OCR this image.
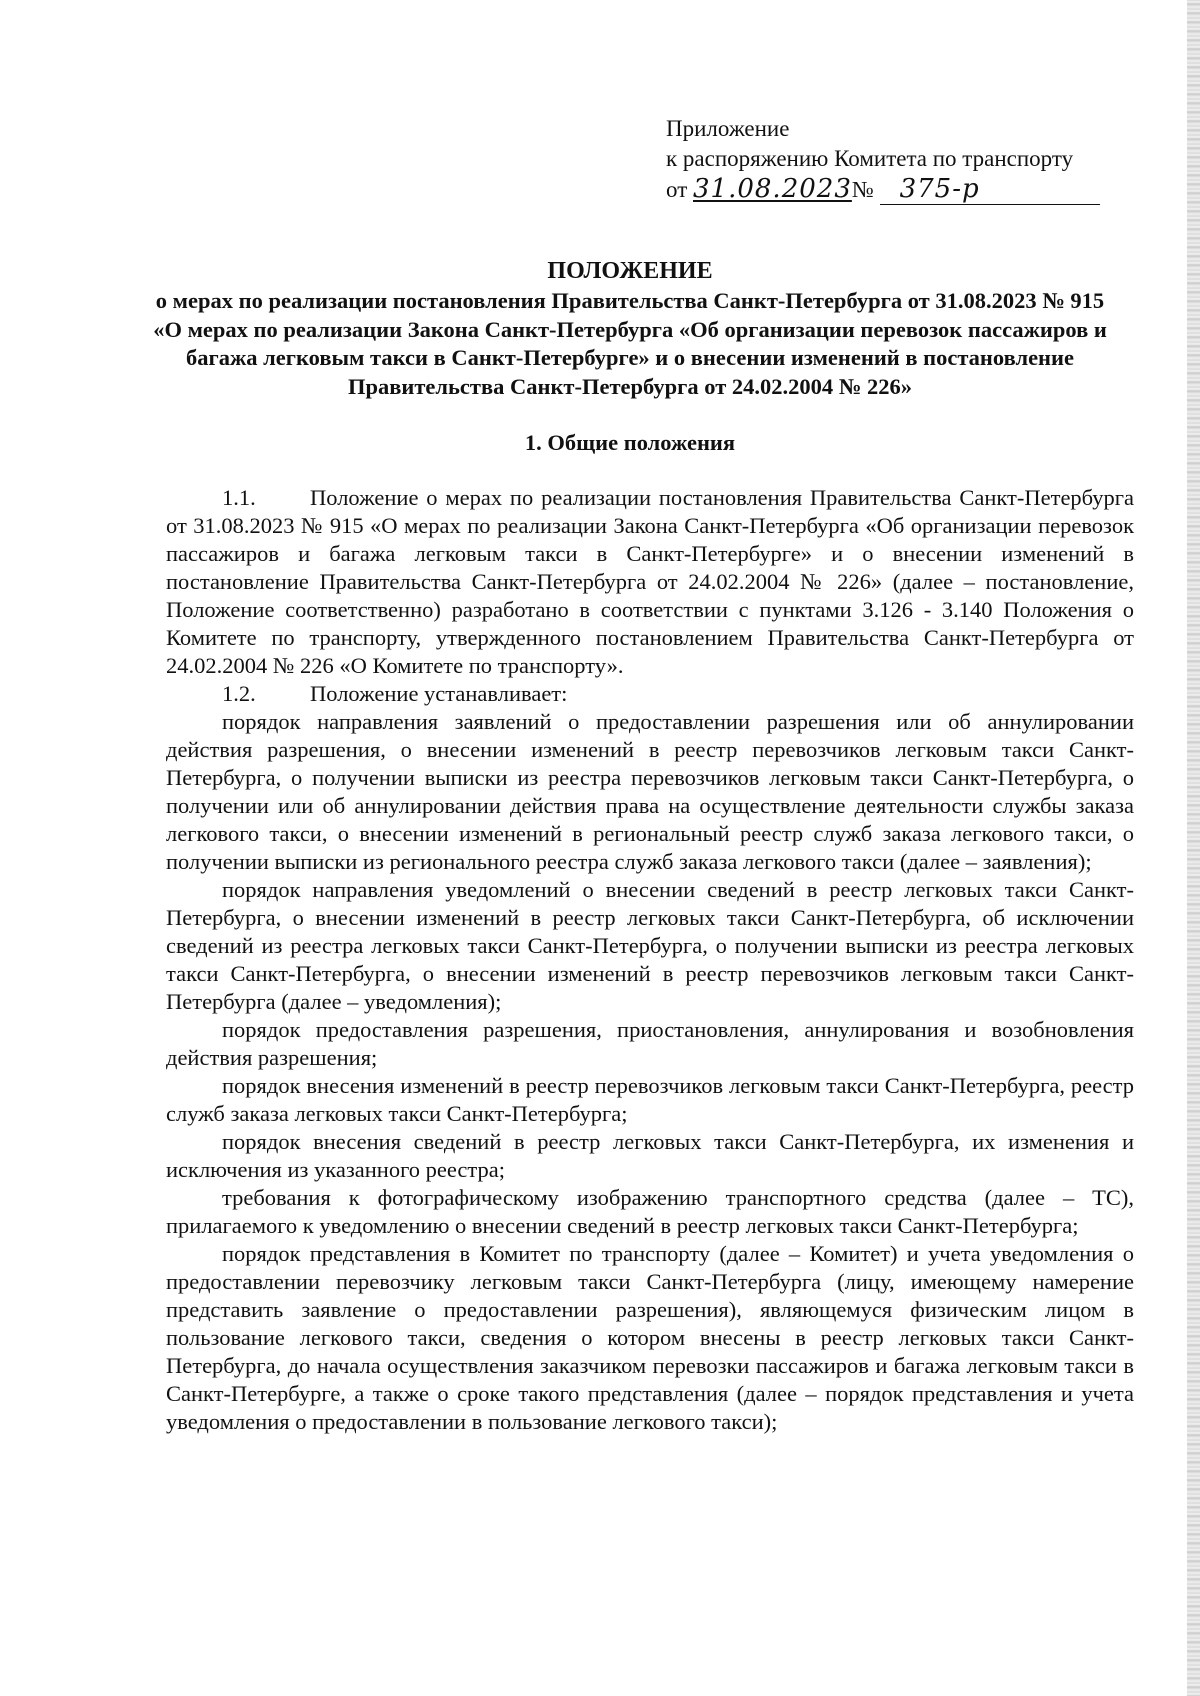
Приложение
к распоряжению Комитета по транспорту
от 31.08.2023№ 375-р
ПОЛОЖЕНИЕ
о мерах по реализации постановления Правительства Санкт-Петербурга от 31.08.2023 № 915 «О мерах по реализации Закона Санкт-Петербурга «Об организации перевозок пассажиров и багажа легковым такси в Санкт-Петербурге» и о внесении изменений в постановление Правительства Санкт-Петербурга от 24.02.2004 № 226»
1. Общие положения

1.1. Положение о мерах по реализации постановления Правительства Санкт-Петербурга от 31.08.2023 № 915 «О мерах по реализации Закона Санкт-Петербурга «Об организации перевозок пассажиров и багажа легковым такси в Санкт-Петербурге» и о внесении изменений в постановление Правительства Санкт-Петербурга от 24.02.2004 № 226» (далее – постановление, Положение соответственно) разработано в соответствии с пунктами 3.126 - 3.140 Положения о Комитете по транспорту, утвержденного постановлением Правительства Санкт-Петербурга от 24.02.2004 № 226 «О Комитете по транспорту».

1.2. Положение устанавливает:

порядок направления заявлений о предоставлении разрешения или об аннулировании действия разрешения, о внесении изменений в реестр перевозчиков легковым такси Санкт-Петербурга, о получении выписки из реестра перевозчиков легковым такси Санкт-Петербурга, о получении или об аннулировании действия права на осуществление деятельности службы заказа легкового такси, о внесении изменений в региональный реестр служб заказа легкового такси, о получении выписки из регионального реестра служб заказа легкового такси (далее – заявления);

порядок направления уведомлений о внесении сведений в реестр легковых такси Санкт-Петербурга, о внесении изменений в реестр легковых такси Санкт-Петербурга, об исключении сведений из реестра легковых такси Санкт-Петербурга, о получении выписки из реестра легковых такси Санкт-Петербурга, о внесении изменений в реестр перевозчиков легковым такси Санкт-Петербурга (далее – уведомления);

порядок предоставления разрешения, приостановления, аннулирования и возобновления действия разрешения;

порядок внесения изменений в реестр перевозчиков легковым такси Санкт-Петербурга, реестр служб заказа легковых такси Санкт-Петербурга;

порядок внесения сведений в реестр легковых такси Санкт-Петербурга, их изменения и исключения из указанного реестра;

требования к фотографическому изображению транспортного средства (далее – ТС), прилагаемого к уведомлению о внесении сведений в реестр легковых такси Санкт-Петербурга;

порядок представления в Комитет по транспорту (далее – Комитет) и учета уведомления о предоставлении перевозчику легковым такси Санкт-Петербурга (лицу, имеющему намерение представить заявление о предоставлении разрешения), являющемуся физическим лицом в пользование легкового такси, сведения о котором внесены в реестр легковых такси Санкт-Петербурга, до начала осуществления заказчиком перевозки пассажиров и багажа легковым такси в Санкт-Петербурге, а также о сроке такого представления (далее – порядок представления и учета уведомления о предоставлении в пользование легкового такси);
